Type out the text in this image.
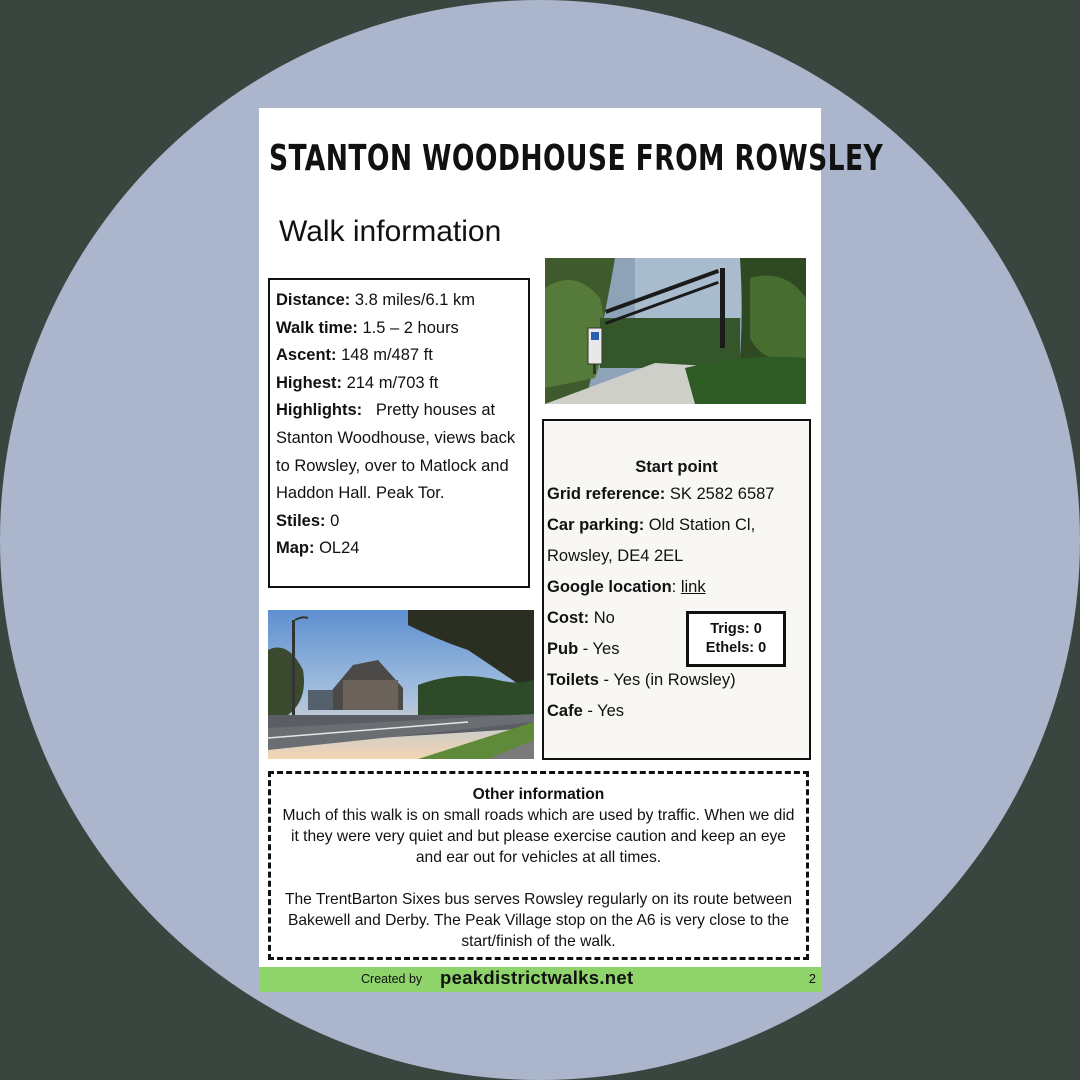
STANTON WOODHOUSE FROM ROWSLEY
Walk information
Distance: 3.8 miles/6.1 km
Walk time: 1.5 – 2 hours
Ascent: 148 m/487 ft
Highest: 214 m/703 ft
Highlights:   Pretty houses at Stanton Woodhouse, views back to Rowsley, over to Matlock and Haddon Hall. Peak Tor.
Stiles: 0
Map: OL24
Start point
Grid reference: SK 2582 6587
Car parking: Old Station Cl,
Rowsley, DE4 2EL
Google location: link
Cost: No
Pub - Yes
Toilets - Yes (in Rowsley)
Cafe - Yes
Trigs: 0
Ethels: 0

Other information

Much of this walk is on small roads which are used by traffic. When we did it they were very quiet and but please exercise caution and keep an eye and ear out for vehicles at all times.

The TrentBarton Sixes bus serves Rowsley regularly on its route between Bakewell and Derby. The Peak Village stop on the A6 is very close to the start/finish of the walk.

Created by peakdistrictwalks.net	2
